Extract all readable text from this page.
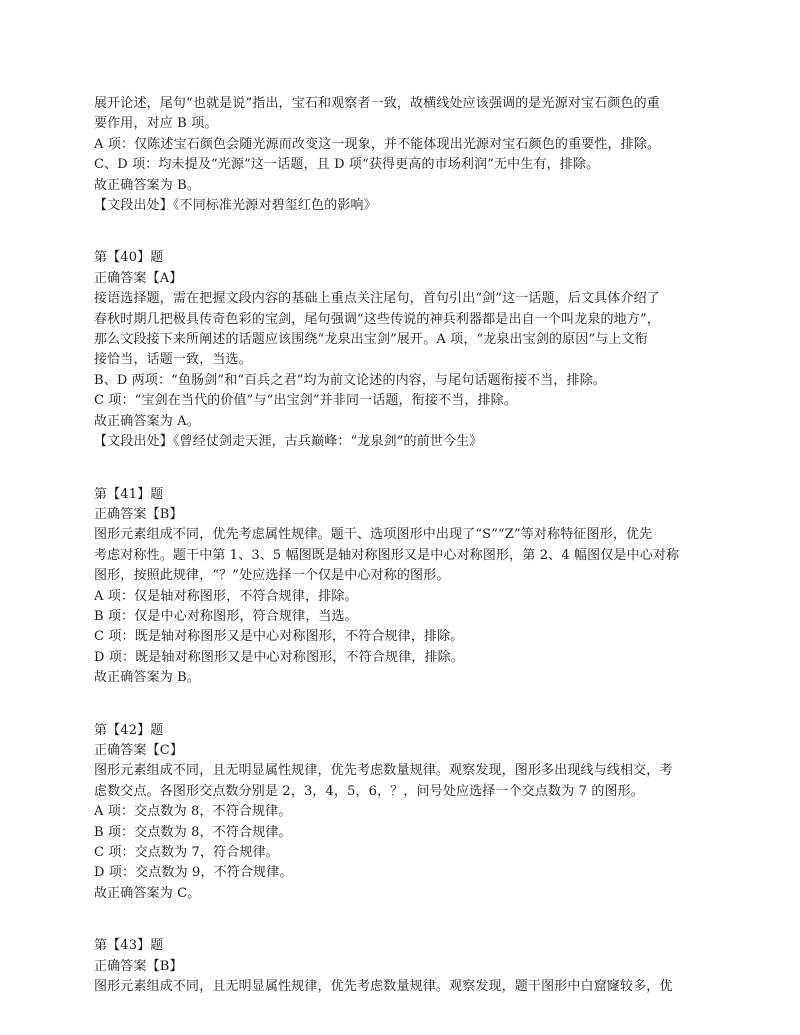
展开论述，尾句“也就是说”指出，宝石和观察者一致，故横线处应该强调的是光源对宝石颜色的重
要作用，对应 B 项。
A 项：仅陈述宝石颜色会随光源而改变这一现象，并不能体现出光源对宝石颜色的重要性，排除。
C、D 项：均未提及“光源”这一话题，且 D 项“获得更高的市场利润”无中生有，排除。
故正确答案为 B。
【文段出处】《不同标准光源对碧玺红色的影响》
第【40】题
正确答案【A】
接语选择题，需在把握文段内容的基础上重点关注尾句，首句引出“剑”这一话题，后文具体介绍了
春秋时期几把极具传奇色彩的宝剑，尾句强调“这些传说的神兵利器都是出自一个叫龙泉的地方”，
那么文段接下来所阐述的话题应该围绕“龙泉出宝剑”展开。A 项，“龙泉出宝剑的原因”与上文衔
接恰当，话题一致，当选。
B、D 两项：“鱼肠剑”和“百兵之君”均为前文论述的内容，与尾句话题衔接不当，排除。
C 项：“宝剑在当代的价值”与“出宝剑”并非同一话题，衔接不当，排除。
故正确答案为 A。
【文段出处】《曾经仗剑走天涯，古兵巅峰：“龙泉剑”的前世今生》
第【41】题
正确答案【B】
图形元素组成不同，优先考虑属性规律。题干、选项图形中出现了“S”“Z”等对称特征图形，优先
考虑对称性。题干中第 1、3、5 幅图既是轴对称图形又是中心对称图形，第 2、4 幅图仅是中心对称
图形，按照此规律，“？”处应选择一个仅是中心对称的图形。
A 项：仅是轴对称图形，不符合规律，排除。
B 项：仅是中心对称图形，符合规律，当选。
C 项：既是轴对称图形又是中心对称图形，不符合规律，排除。
D 项：既是轴对称图形又是中心对称图形，不符合规律，排除。
故正确答案为 B。
第【42】题
正确答案【C】
图形元素组成不同，且无明显属性规律，优先考虑数量规律。观察发现，图形多出现线与线相交，考
虑数交点。各图形交点数分别是 2，3，4，5，6，？，问号处应选择一个交点数为 7 的图形。
A 项：交点数为 8，不符合规律。
B 项：交点数为 8，不符合规律。
C 项：交点数为 7，符合规律。
D 项：交点数为 9，不符合规律。
故正确答案为 C。
第【43】题
正确答案【B】
图形元素组成不同，且无明显属性规律，优先考虑数量规律。观察发现，题干图形中白窟窿较多，优
